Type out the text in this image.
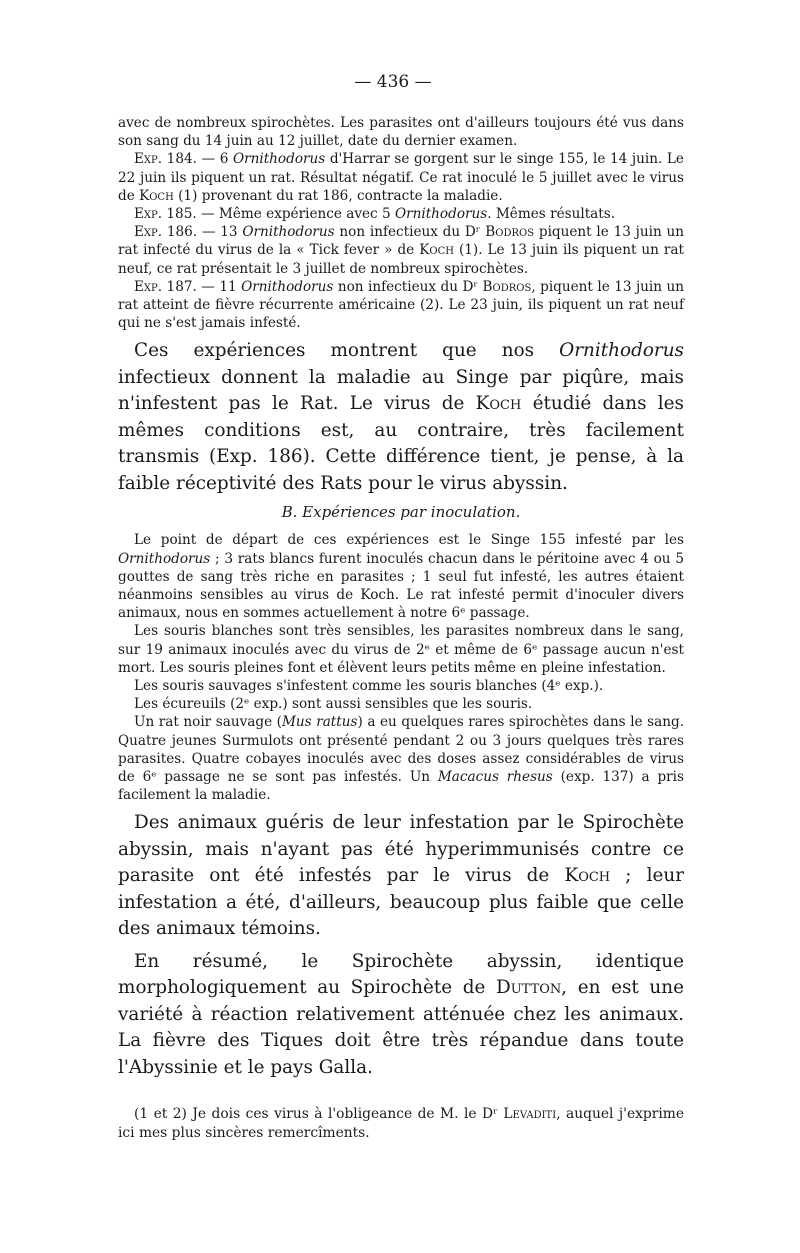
— 436 —

avec de nombreux spirochètes. Les parasites ont d'ailleurs toujours été vus dans son sang du 14 juin au 12 juillet, date du dernier examen.

Exp. 184. — 6 Ornithodorus d'Harrar se gorgent sur le singe 155, le 14 juin. Le 22 juin ils piquent un rat. Résultat négatif. Ce rat inoculé le 5 juillet avec le virus de Koch (1) provenant du rat 186, contracte la maladie.

Exp. 185. — Même expérience avec 5 Ornithodorus. Mêmes résultats.

Exp. 186. — 13 Ornithodorus non infectieux du Dʳ Bodros piquent le 13 juin un rat infecté du virus de la « Tick fever » de Koch (1). Le 13 juin ils piquent un rat neuf, ce rat présentait le 3 juillet de nombreux spirochètes.

Exp. 187. — 11 Ornithodorus non infectieux du Dʳ Bodros, piquent le 13 juin un rat atteint de fièvre récurrente américaine (2). Le 23 juin, ils piquent un rat neuf qui ne s'est jamais infesté.

Ces expériences montrent que nos Ornithodorus infectieux donnent la maladie au Singe par piqûre, mais n'infestent pas le Rat. Le virus de Koch étudié dans les mêmes conditions est, au contraire, très facilement transmis (Exp. 186). Cette différence tient, je pense, à la faible réceptivité des Rats pour le virus abyssin.

B. Expériences par inoculation.

Le point de départ de ces expériences est le Singe 155 infesté par les Ornithodorus ; 3 rats blancs furent inoculés chacun dans le péritoine avec 4 ou 5 gouttes de sang très riche en parasites ; 1 seul fut infesté, les autres étaient néanmoins sensibles au virus de Koch. Le rat infesté permit d'inoculer divers animaux, nous en sommes actuellement à notre 6ᵉ passage.

Les souris blanches sont très sensibles, les parasites nombreux dans le sang, sur 19 animaux inoculés avec du virus de 2ᵉ et même de 6ᵉ passage aucun n'est mort. Les souris pleines font et élèvent leurs petits même en pleine infestation.

Les souris sauvages s'infestent comme les souris blanches (4ᵉ exp.).

Les écureuils (2ᵉ exp.) sont aussi sensibles que les souris.

Un rat noir sauvage (Mus rattus) a eu quelques rares spirochètes dans le sang. Quatre jeunes Surmulots ont présenté pendant 2 ou 3 jours quelques très rares parasites. Quatre cobayes inoculés avec des doses assez considérables de virus de 6ᵉ passage ne se sont pas infestés. Un Macacus rhesus (exp. 137) a pris facilement la maladie.

Des animaux guéris de leur infestation par le Spirochète abyssin, mais n'ayant pas été hyperimmunisés contre ce parasite ont été infestés par le virus de Koch ; leur infestation a été, d'ailleurs, beaucoup plus faible que celle des animaux témoins.

En résumé, le Spirochète abyssin, identique morphologiquement au Spirochète de Dutton, en est une variété à réaction relativement atténuée chez les animaux. La fièvre des Tiques doit être très répandue dans toute l'Abyssinie et le pays Galla.

(1 et 2) Je dois ces virus à l'obligeance de M. le Dʳ Levaditi, auquel j'exprime ici mes plus sincères remercîments.
